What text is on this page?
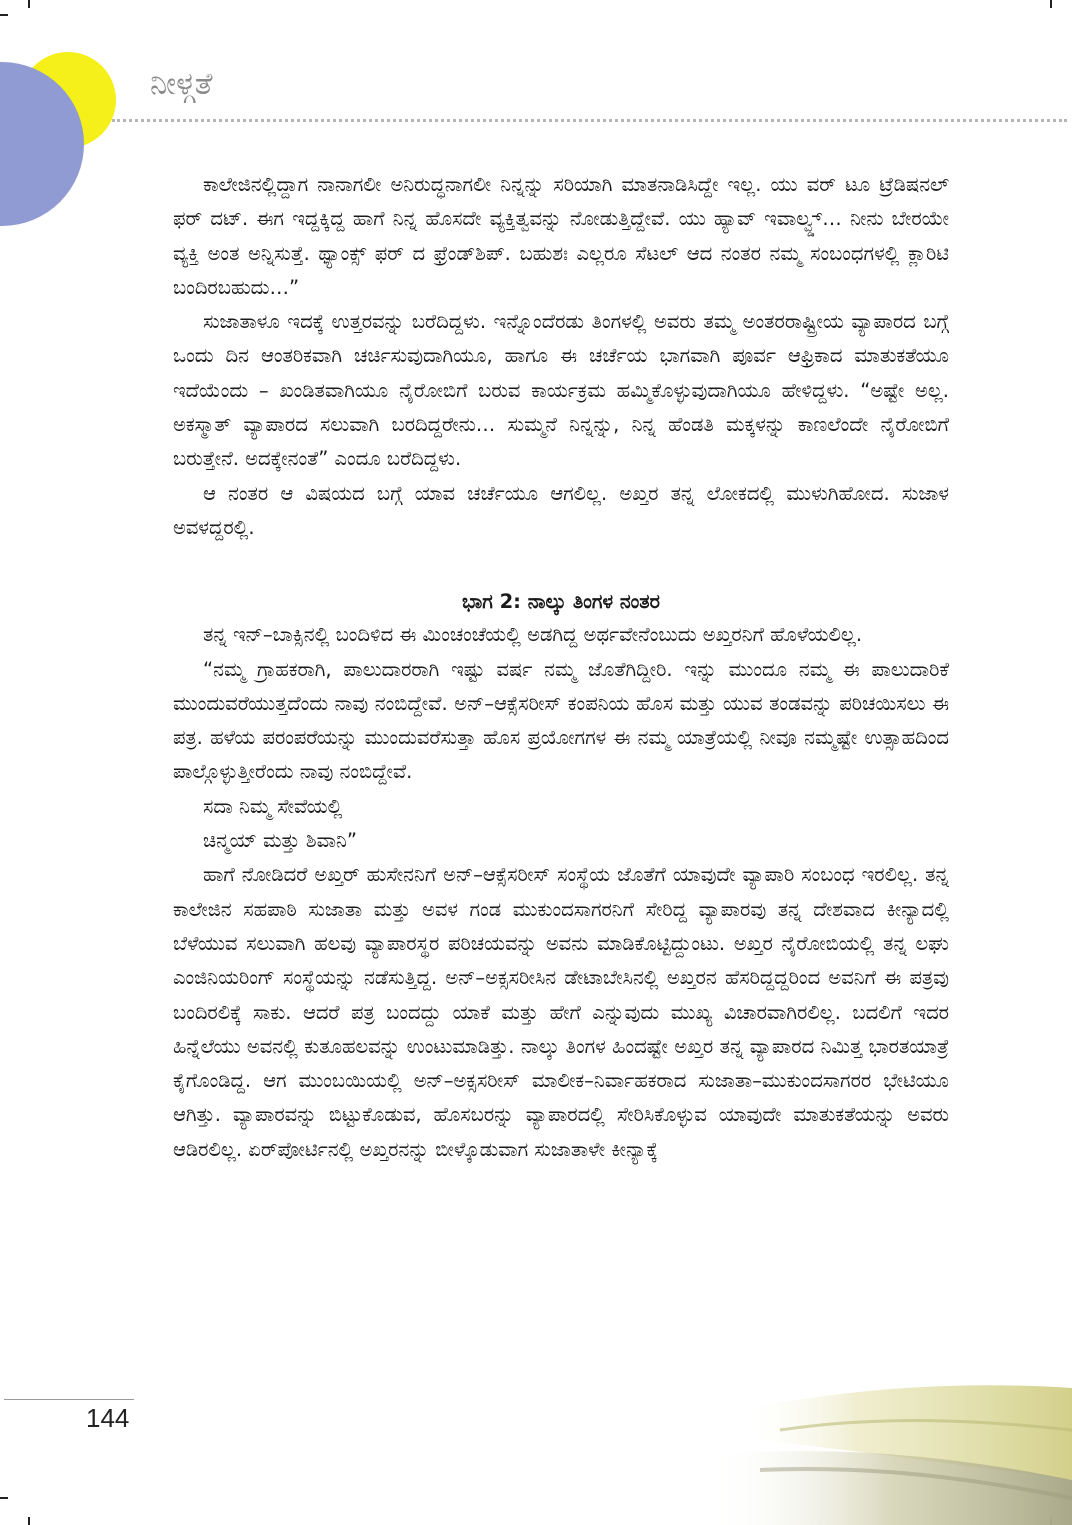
ನೀಳ್ಗತೆ

ಕಾಲೇಜಿನಲ್ಲಿದ್ದಾಗ ನಾನಾಗಲೀ ಅನಿರುದ್ಧನಾಗಲೀ ನಿನ್ನನ್ನು ಸರಿಯಾಗಿ ಮಾತನಾಡಿಸಿದ್ದೇ ಇಲ್ಲ. ಯು ವರ್ ಟೂ ಟ್ರೆಡಿಷನಲ್ ಫರ್ ದಟ್. ಈಗ ಇದ್ದಕ್ಕಿದ್ದ ಹಾಗೆ ನಿನ್ನ ಹೊಸದೇ ವ್ಯಕ್ತಿತ್ವವನ್ನು ನೋಡುತ್ತಿದ್ದೇವೆ. ಯು ಹ್ಯಾವ್ ಇವಾಲ್ವ್ಡ್… ನೀನು ಬೇರಯೇ ವ್ಯಕ್ತಿ ಅಂತ ಅನ್ನಿಸುತ್ತೆ. ಥ್ಯಾಂಕ್ಸ್ ಫರ್ ದ ಫ್ರೆಂಡ್‌ಶಿಪ್. ಬಹುಶಃ ಎಲ್ಲರೂ ಸೆಟಲ್ ಆದ ನಂತರ ನಮ್ಮ ಸಂಬಂಧಗಳಲ್ಲಿ ಕ್ಲಾರಿಟಿ ಬಂದಿರಬಹುದು…”

ಸುಜಾತಾಳೂ ಇದಕ್ಕೆ ಉತ್ತರವನ್ನು ಬರೆದಿದ್ದಳು. ಇನ್ನೊಂದೆರಡು ತಿಂಗಳಲ್ಲಿ ಅವರು ತಮ್ಮ ಅಂತರರಾಷ್ಟ್ರೀಯ ವ್ಯಾಪಾರದ ಬಗ್ಗೆ ಒಂದು ದಿನ ಆಂತರಿಕವಾಗಿ ಚರ್ಚಿಸುವುದಾಗಿಯೂ, ಹಾಗೂ ಈ ಚರ್ಚೆಯ ಭಾಗವಾಗಿ ಪೂರ್ವ ಆಫ್ರಿಕಾದ ಮಾತುಕತೆಯೂ ಇದೆಯೆಂದು – ಖಂಡಿತವಾಗಿಯೂ ನೈರೋಬಿಗೆ ಬರುವ ಕಾರ್ಯಕ್ರಮ ಹಮ್ಮಿಕೊಳ್ಳುವುದಾಗಿಯೂ ಹೇಳಿದ್ದಳು. “ಅಷ್ಟೇ ಅಲ್ಲ. ಅಕಸ್ಮಾತ್ ವ್ಯಾಪಾರದ ಸಲುವಾಗಿ ಬರದಿದ್ದರೇನು… ಸುಮ್ಮನೆ ನಿನ್ನನ್ನು, ನಿನ್ನ ಹೆಂಡತಿ ಮಕ್ಕಳನ್ನು ಕಾಣಲೆಂದೇ ನೈರೋಬಿಗೆ ಬರುತ್ತೇನೆ. ಅದಕ್ಕೇನಂತೆ” ಎಂದೂ ಬರೆದಿದ್ದಳು.

ಆ ನಂತರ ಆ ವಿಷಯದ ಬಗ್ಗೆ ಯಾವ ಚರ್ಚೆಯೂ ಆಗಲಿಲ್ಲ. ಅಖ್ತರ ತನ್ನ ಲೋಕದಲ್ಲಿ ಮುಳುಗಿಹೋದ. ಸುಜಾಳ ಅವಳದ್ದರಲ್ಲಿ.

ಭಾಗ 2: ನಾಲ್ಕು ತಿಂಗಳ ನಂತರ

ತನ್ನ ಇನ್–ಬಾಕ್ಸಿನಲ್ಲಿ ಬಂದಿಳಿದ ಈ ಮಿಂಚಂಚೆಯಲ್ಲಿ ಅಡಗಿದ್ದ ಅರ್ಥವೇನೆಂಬುದು ಅಖ್ತರನಿಗೆ ಹೊಳೆಯಲಿಲ್ಲ.

“ನಮ್ಮ ಗ್ರಾಹಕರಾಗಿ, ಪಾಲುದಾರರಾಗಿ ಇಷ್ಟು ವರ್ಷ ನಮ್ಮ ಜೊತೆಗಿದ್ದೀರಿ. ಇನ್ನು ಮುಂದೂ ನಮ್ಮ ಈ ಪಾಲುದಾರಿಕೆ ಮುಂದುವರೆಯುತ್ತದೆಂದು ನಾವು ನಂಬಿದ್ದೇವೆ. ಅನ್–ಆಕ್ಸೆಸರೀಸ್ ಕಂಪನಿಯ ಹೊಸ ಮತ್ತು ಯುವ ತಂಡವನ್ನು ಪರಿಚಯಿಸಲು ಈ ಪತ್ರ. ಹಳೆಯ ಪರಂಪರೆಯನ್ನು ಮುಂದುವರೆಸುತ್ತಾ ಹೊಸ ಪ್ರಯೋಗಗಳ ಈ ನಮ್ಮ ಯಾತ್ರೆಯಲ್ಲಿ ನೀವೂ ನಮ್ಮಷ್ಟೇ ಉತ್ಸಾಹದಿಂದ ಪಾಲ್ಗೊಳ್ಳುತ್ತೀರೆಂದು ನಾವು ನಂಬಿದ್ದೇವೆ.

ಸದಾ ನಿಮ್ಮ ಸೇವೆಯಲ್ಲಿ

ಚಿನ್ಮಯ್ ಮತ್ತು ಶಿವಾನಿ”

ಹಾಗೆ ನೋಡಿದರೆ ಅಖ್ತರ್ ಹುಸೇನನಿಗೆ ಅನ್–ಆಕ್ಸೆಸರೀಸ್ ಸಂಸ್ಥೆಯ ಜೊತೆಗೆ ಯಾವುದೇ ವ್ಯಾಪಾರಿ ಸಂಬಂಧ ಇರಲಿಲ್ಲ. ತನ್ನ ಕಾಲೇಜಿನ ಸಹಪಾಠಿ ಸುಜಾತಾ ಮತ್ತು ಅವಳ ಗಂಡ ಮುಕುಂದಸಾಗರನಿಗೆ ಸೇರಿದ್ದ ವ್ಯಾಪಾರವು ತನ್ನ ದೇಶವಾದ ಕೀನ್ಯಾದಲ್ಲಿ ಬೆಳೆಯುವ ಸಲುವಾಗಿ ಹಲವು ವ್ಯಾಪಾರಸ್ಥರ ಪರಿಚಯವನ್ನು ಅವನು ಮಾಡಿಕೊಟ್ಟಿದ್ದುಂಟು. ಅಖ್ತರ ನೈರೋಬಿಯಲ್ಲಿ ತನ್ನ ಲಘು ಎಂಜಿನಿಯರಿಂಗ್ ಸಂಸ್ಥೆಯನ್ನು ನಡೆಸುತ್ತಿದ್ದ. ಅನ್–ಅಕ್ಸಸರೀಸಿನ ಡೇಟಾಬೇಸಿನಲ್ಲಿ ಅಖ್ತರನ ಹೆಸರಿದ್ದದ್ದರಿಂದ ಅವನಿಗೆ ಈ ಪತ್ರವು ಬಂದಿರಲಿಕ್ಕೆ ಸಾಕು. ಆದರೆ ಪತ್ರ ಬಂದದ್ದು ಯಾಕೆ ಮತ್ತು ಹೇಗೆ ಎನ್ನುವುದು ಮುಖ್ಯ ವಿಚಾರವಾಗಿರಲಿಲ್ಲ. ಬದಲಿಗೆ ಇದರ ಹಿನ್ನೆಲೆಯು ಅವನಲ್ಲಿ ಕುತೂಹಲವನ್ನು ಉಂಟುಮಾಡಿತ್ತು. ನಾಲ್ಕು ತಿಂಗಳ ಹಿಂದಷ್ಟೇ ಅಖ್ತರ ತನ್ನ ವ್ಯಾಪಾರದ ನಿಮಿತ್ತ ಭಾರತಯಾತ್ರೆ ಕೈಗೊಂಡಿದ್ದ. ಆಗ ಮುಂಬಯಿಯಲ್ಲಿ ಅನ್–ಅಕ್ಸಸರೀಸ್ ಮಾಲೀಕ–ನಿರ್ವಾಹಕರಾದ ಸುಜಾತಾ–ಮುಕುಂದಸಾಗರರ ಭೇಟಿಯೂ ಆಗಿತ್ತು. ವ್ಯಾಪಾರವನ್ನು ಬಿಟ್ಟುಕೊಡುವ, ಹೊಸಬರನ್ನು ವ್ಯಾಪಾರದಲ್ಲಿ ಸೇರಿಸಿಕೊಳ್ಳುವ ಯಾವುದೇ ಮಾತುಕತೆಯನ್ನು ಅವರು ಆಡಿರಲಿಲ್ಲ. ಏರ್‌ಪೋರ್ಟಿನಲ್ಲಿ ಅಖ್ತರನನ್ನು ಬೀಳ್ಕೊಡುವಾಗ ಸುಜಾತಾಳೇ ಕೀನ್ಯಾಕ್ಕೆ

144
